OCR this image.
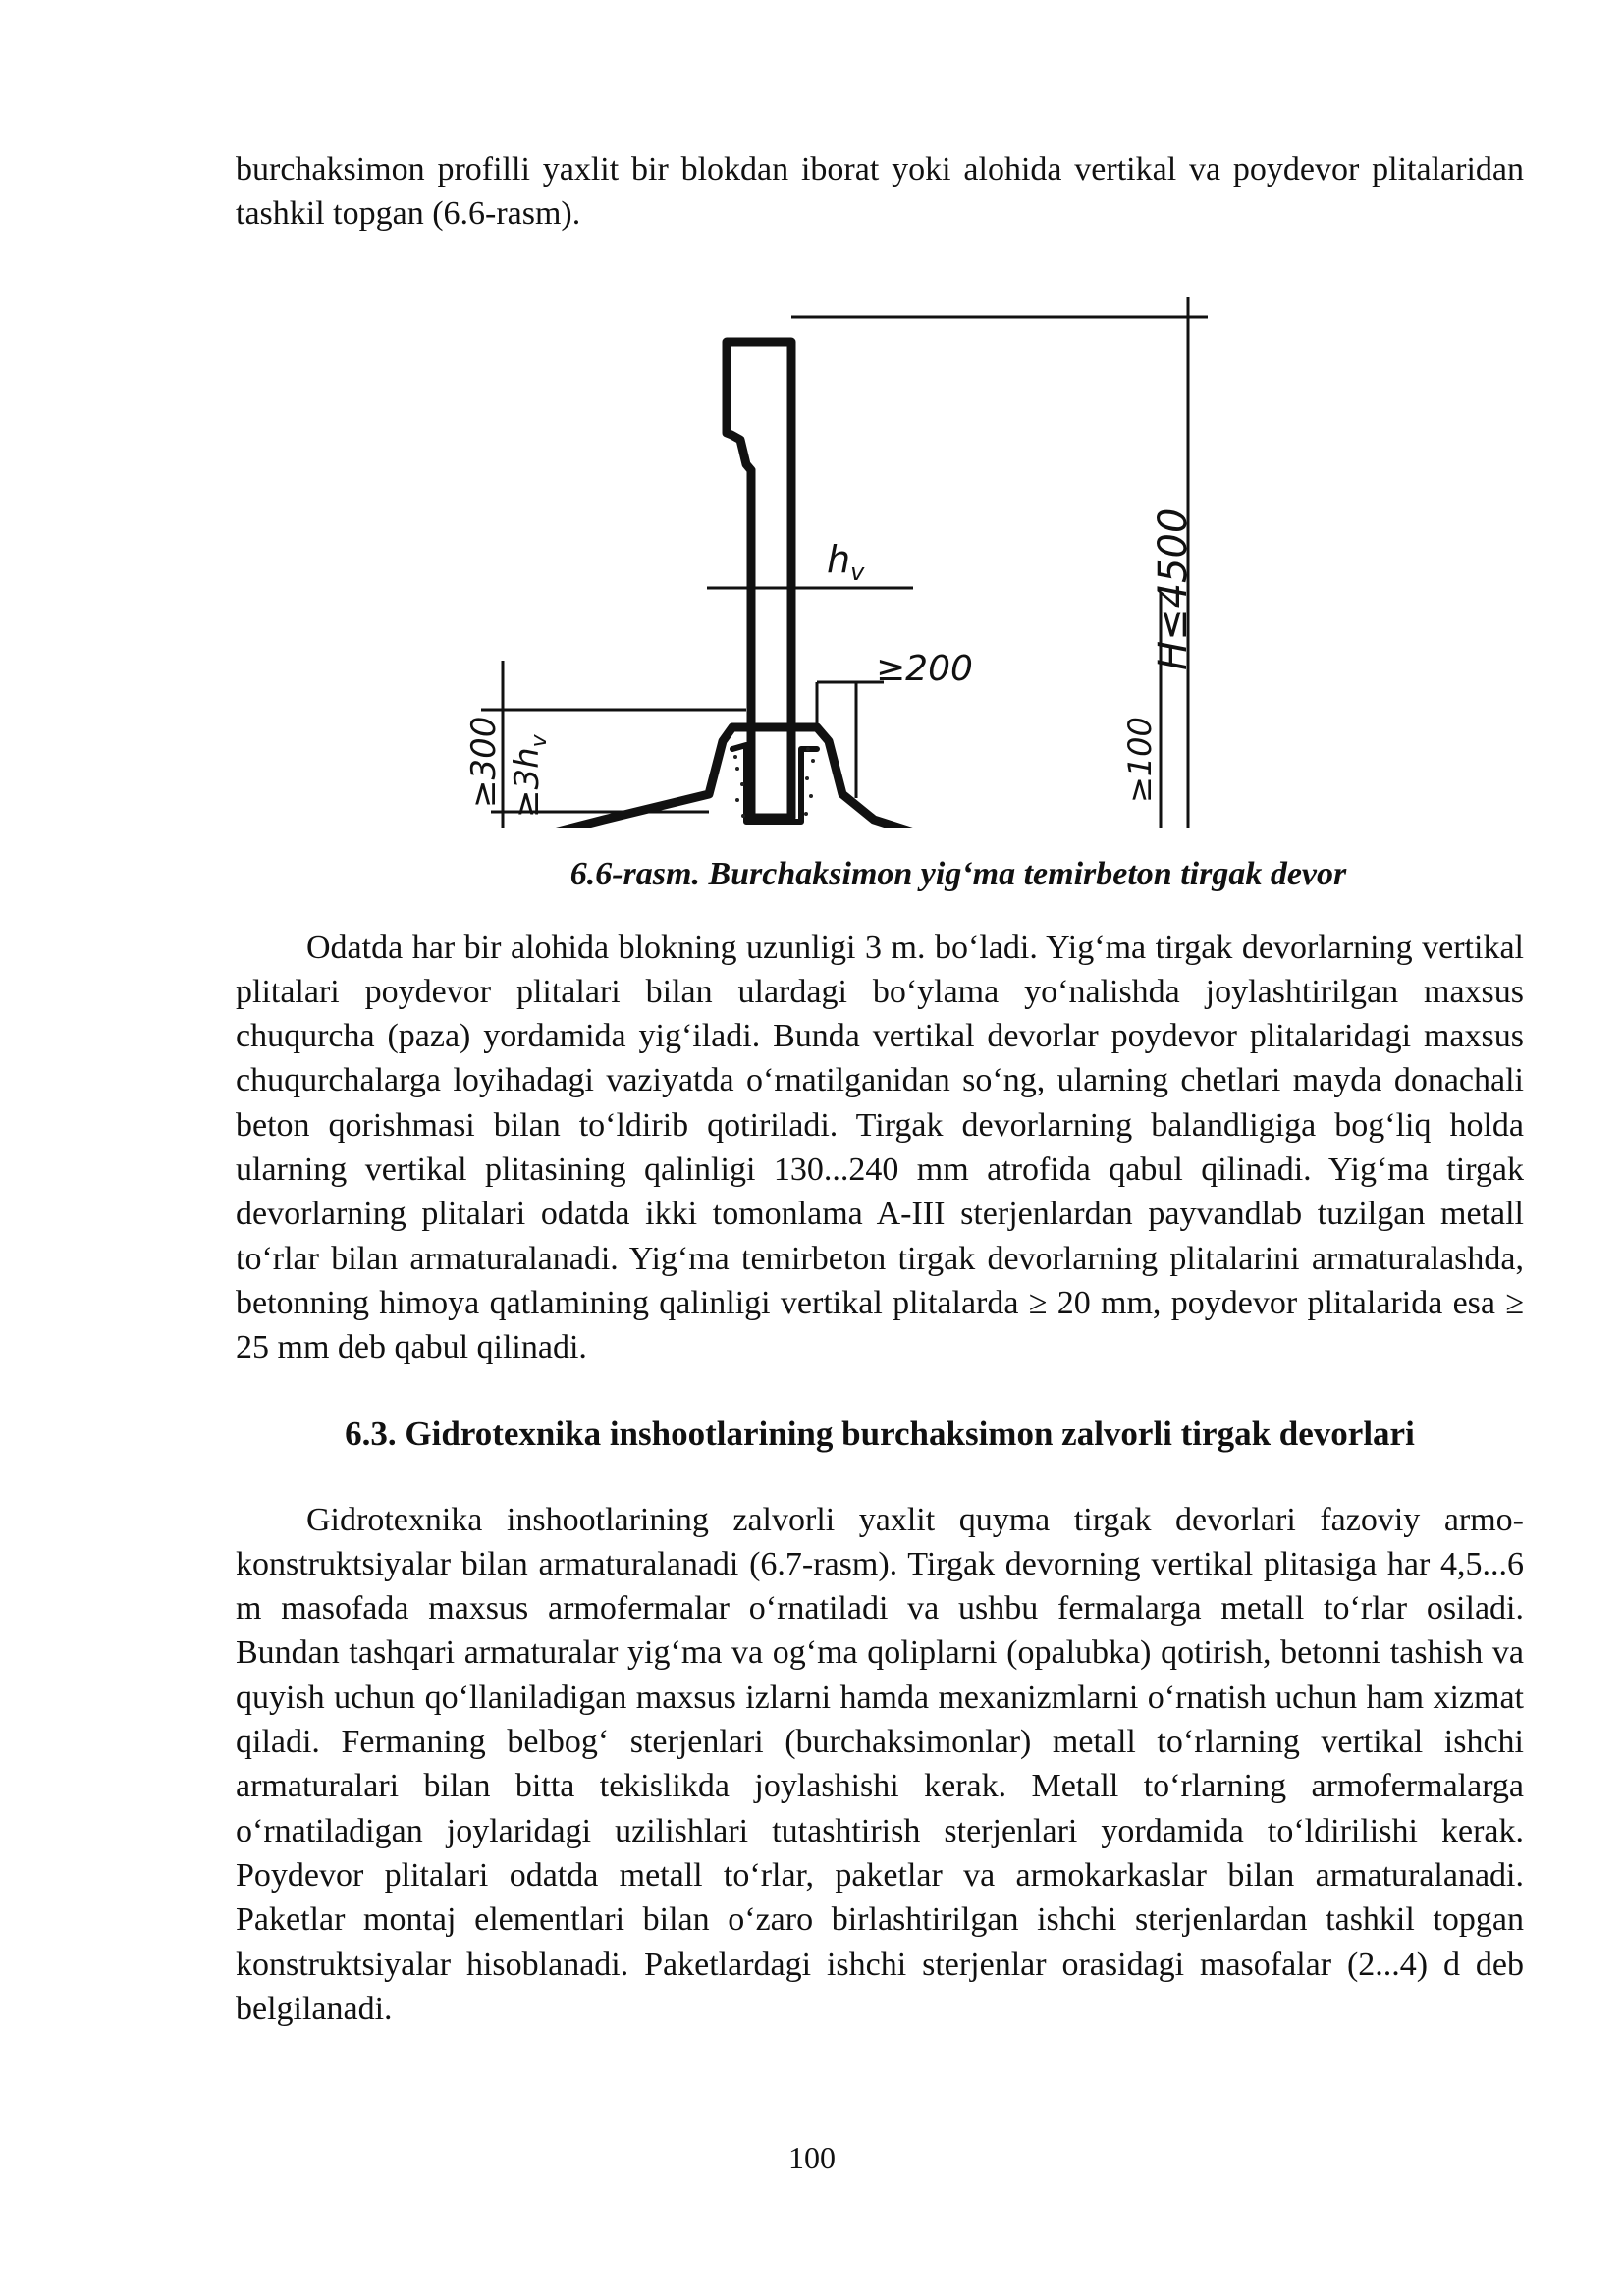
burchaksimon profilli yaxlit bir blokdan iborat yoki alohida vertikal va poydevor plitalaridan tashkil topgan (6.6-rasm).

$h_v$
≥200	H≤4500
≥100
$\ge 300 \ge 3h_v$
6.6-rasm. Burchaksimon yig‘ma temirbeton tirgak devor

Odatda har bir alohida blokning uzunligi 3 m. bo‘ladi. Yig‘ma tirgak devorlarning vertikal plitalari poydevor plitalari bilan ulardagi bo‘ylama yo‘nalishda joylashtirilgan maxsus chuqurcha (paza) yordamida yig‘iladi. Bunda vertikal devorlar poydevor plitalaridagi maxsus chuqurchalarga loyihadagi vaziyatda o‘rnatilganidan so‘ng, ularning chetlari mayda donachali beton qorishmasi bilan to‘ldirib qotiriladi. Tirgak devorlarning balandligiga bog‘liq holda ularning vertikal plitasining qalinligi 130...240 mm atrofida qabul qilinadi. Yig‘ma tirgak devorlarning plitalari odatda ikki tomonlama A-III sterjenlardan payvandlab tuzilgan metall to‘rlar bilan armaturalanadi. Yig‘ma temirbeton tirgak devorlarning plitalarini armaturalashda, betonning himoya qatlamining qalinligi vertikal plitalarda ≥ 20 mm, poydevor plitalarida esa ≥ 25 mm deb qabul qilinadi.

6.3. Gidrotexnika inshootlarining burchaksimon zalvorli tirgak devorlari

Gidrotexnika inshootlarining zalvorli yaxlit quyma tirgak devorlari fazoviy armo-konstruktsiyalar bilan armaturalanadi (6.7-rasm). Tirgak devorning vertikal plitasiga har 4,5...6 m masofada maxsus armofermalar o‘rnatiladi va ushbu fermalarga metall to‘rlar osiladi. Bundan tashqari armaturalar yig‘ma va og‘ma qoliplarni (opalubka) qotirish, betonni tashish va quyish uchun qo‘llaniladigan maxsus izlarni hamda mexanizmlarni o‘rnatish uchun ham xizmat qiladi. Fermaning belbog‘ sterjenlari (burchaksimonlar) metall to‘rlarning vertikal ishchi armaturalari bilan bitta tekislikda joylashishi kerak. Metall to‘rlarning armofermalarga o‘rnatiladigan joylaridagi uzilishlari tutashtirish sterjenlari yordamida to‘ldirilishi kerak. Poydevor plitalari odatda metall to‘rlar, paketlar va armokarkaslar bilan armaturalanadi. Paketlar montaj elementlari bilan o‘zaro birlashtirilgan ishchi sterjenlardan tashkil topgan konstruktsiyalar hisoblanadi. Paketlardagi ishchi sterjenlar orasidagi masofalar (2...4) d deb belgilanadi.

100
